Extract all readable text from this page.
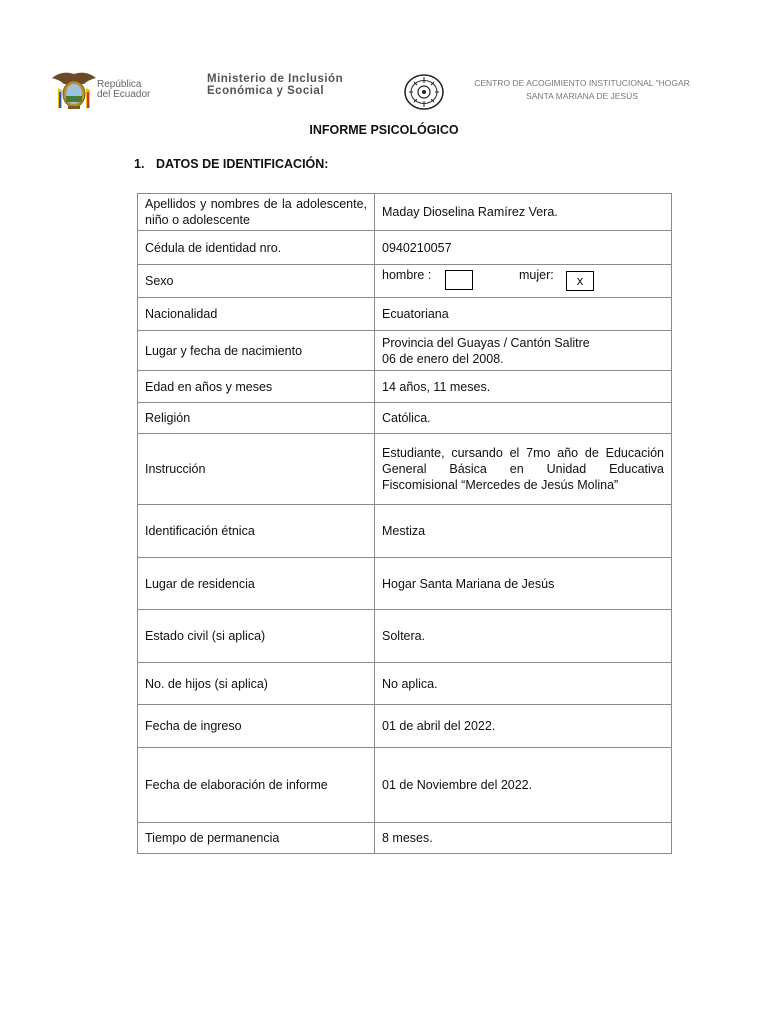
República
del Ecuador
Ministerio de Inclusión
Económica y Social
CENTRO DE ACOGIMIENTO INSTITUCIONAL "HOGAR
SANTA MARIANA DE JESÚS
INFORME PSICOLÓGICO
1. DATOS DE IDENTIFICACIÓN:
Apellidos y nombres de la adolescente, niño o adolescente	Maday Dioselina Ramírez Vera.
Cédula de identidad nro.	0940210057
Sexo	hombre : mujer: x

Nacionalidad	Ecuatoriana
Lugar y fecha de nacimiento	Provincia del Guayas / Cantón Salitre
06 de enero del 2008.

Edad en años y meses	14 años, 11 meses.
Religión	Católica.
Instrucción	Estudiante, cursando el 7mo año de Educación General Básica en Unidad Educativa Fiscomisional “Mercedes de Jesús Molina”
Identificación étnica	Mestiza
Lugar de residencia	Hogar Santa Mariana de Jesús
Estado civil (si aplica)	Soltera.
No. de hijos (si aplica)	No aplica.
Fecha de ingreso	01 de abril del 2022.
Fecha de elaboración de informe	01 de Noviembre del 2022.
Tiempo de permanencia	8 meses.
